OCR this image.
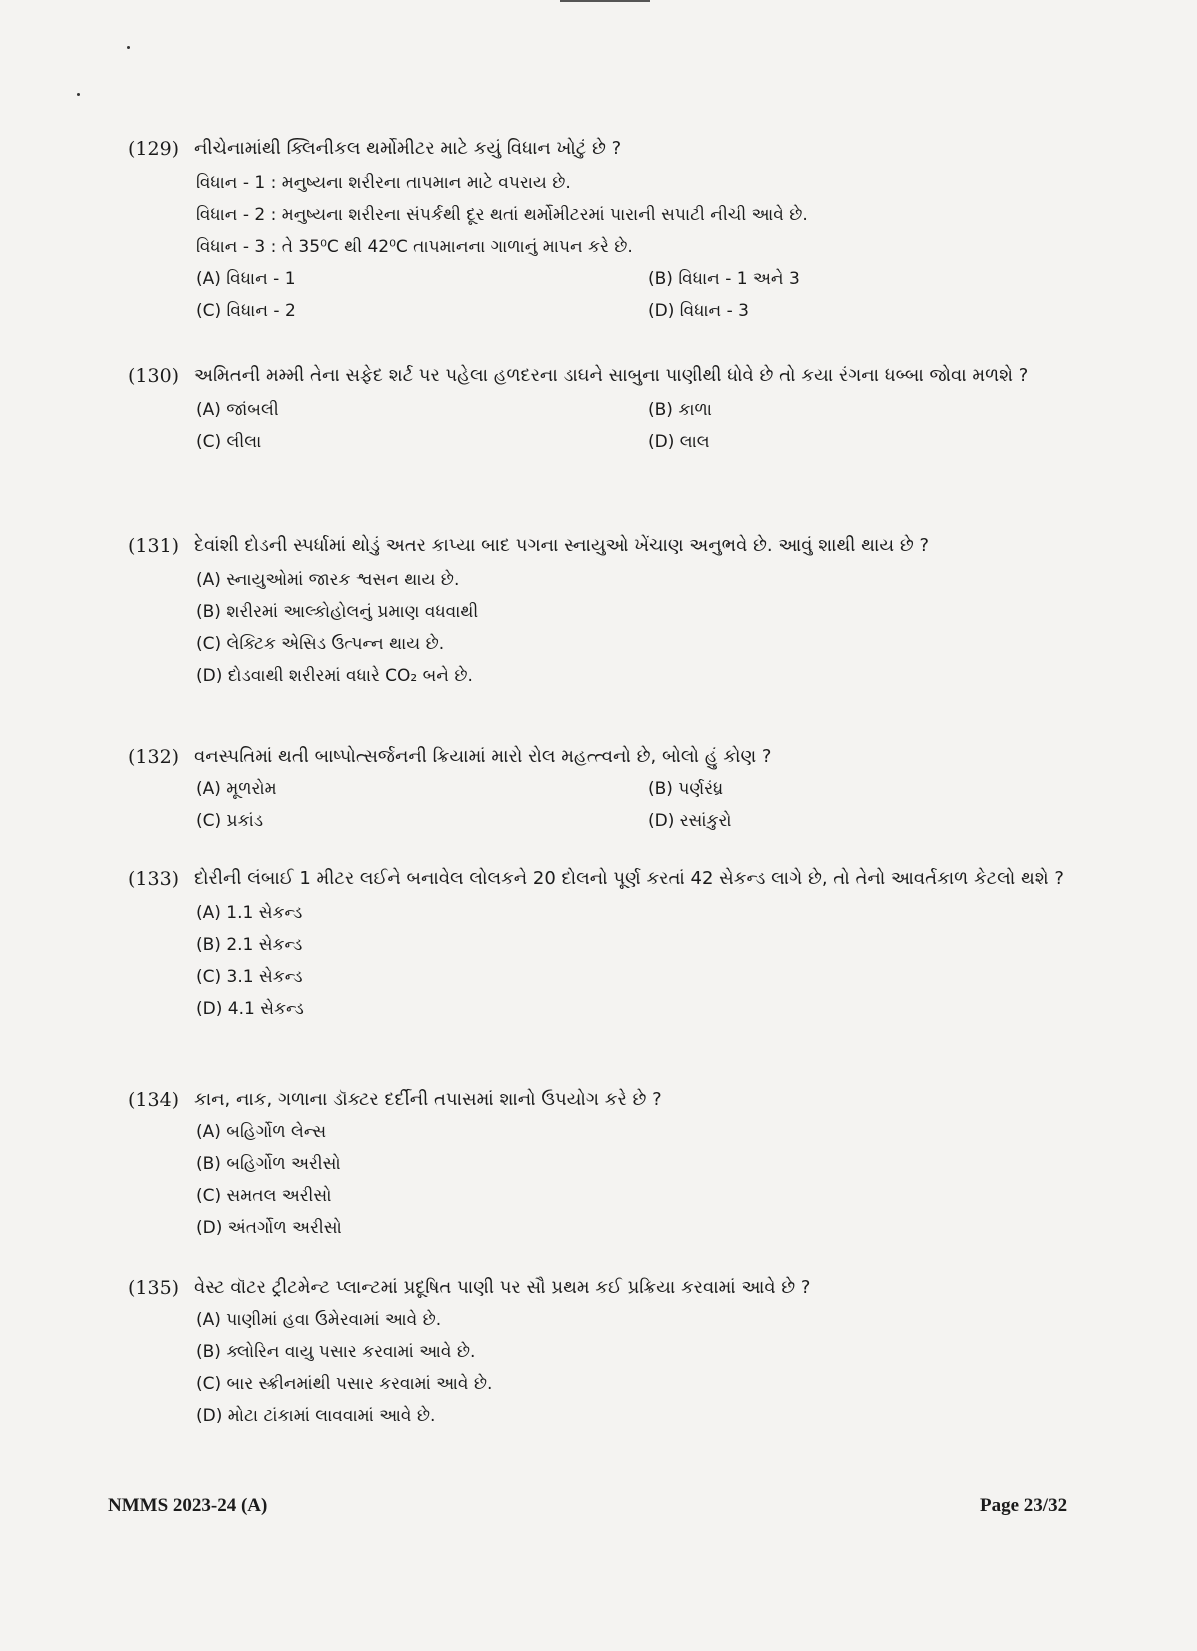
(129) નીચેનામાંથી ક્લિનીકલ થર્મોમીટર માટે કયું વિધાન ખોટું છે ?
વિધાન - 1 : મનુષ્યના શરીરના તાપમાન માટે વપરાય છે.
વિધાન - 2 : મનુષ્યના શરીરના સંપર્કથી દૂર થતાં થર્મોમીટરમાં પારાની સપાટી નીચી આવે છે.
વિધાન - 3 : તે 35⁰C થી 42⁰C તાપમાનના ગાળાનું માપન કરે છે.
(A) વિધાન - 1	(B) વિધાન - 1 અને 3
(C) વિધાન - 2	(D) વિધાન - 3
(130) અમિતની મમ્મી તેના સફેદ શર્ટ પર પહેલા હળદરના ડાઘને સાબુના પાણીથી ધોવે છે તો કયા રંગના ધબ્બા જોવા મળશે ?
(A) જાંબલી	(B) કાળા
(C) લીલા	(D) લાલ
(131) દેવાંશી દોડની સ્પર્ધામાં થોડું અતર કાપ્યા બાદ પગના સ્નાયુઓ ખેંચાણ અનુભવે છે. આવું શાથી થાય છે ?
(A) સ્નાયુઓમાં જારક શ્વસન થાય છે.
(B) શરીરમાં આલ્કોહોલનું પ્રમાણ વધવાથી
(C) લેક્ટિક એસિડ ઉત્પન્ન થાય છે.
(D) દોડવાથી શરીરમાં વધારે CO₂ બને છે.
(132) વનસ્પતિમાં થતી બાષ્પોત્સર્જનની ક્રિયામાં મારો રોલ મહત્ત્વનો છે, બોલો હું કોણ ?
(A) મૂળરોમ	(B) પર્ણરંધ્ર
(C) પ્રકાંડ	(D) રસાંકુરો
(133) દોરીની લંબાઈ 1 મીટર લઈને બનાવેલ લોલકને 20 દોલનો પૂર્ણ કરતાં 42 સેકન્ડ લાગે છે, તો તેનો આવર્તકાળ કેટલો થશે ?
(A) 1.1 સેકન્ડ
(B) 2.1 સેકન્ડ
(C) 3.1 સેકન્ડ
(D) 4.1 સેકન્ડ
(134) કાન, નાક, ગળાના ડૉક્ટર દર્દીની તપાસમાં શાનો ઉપયોગ કરે છે ?
(A) બહિર્ગોળ લેન્સ
(B) બહિર્ગોળ અરીસો
(C) સમતલ અરીસો
(D) અંતર્ગોળ અરીસો
(135) વેસ્ટ વૉટર ટ્રીટમેન્ટ પ્લાન્ટમાં પ્રદૂષિત પાણી પર સૌ પ્રથમ કઈ પ્રક્રિયા કરવામાં આવે છે ?
(A) પાણીમાં હવા ઉમેરવામાં આવે છે.
(B) ક્લોરિન વાયુ પસાર કરવામાં આવે છે.
(C) બાર સ્ક્રીનમાંથી પસાર કરવામાં આવે છે.
(D) મોટા ટાંકામાં લાવવામાં આવે છે.
NMMS 2023-24 (A)	Page 23/32
